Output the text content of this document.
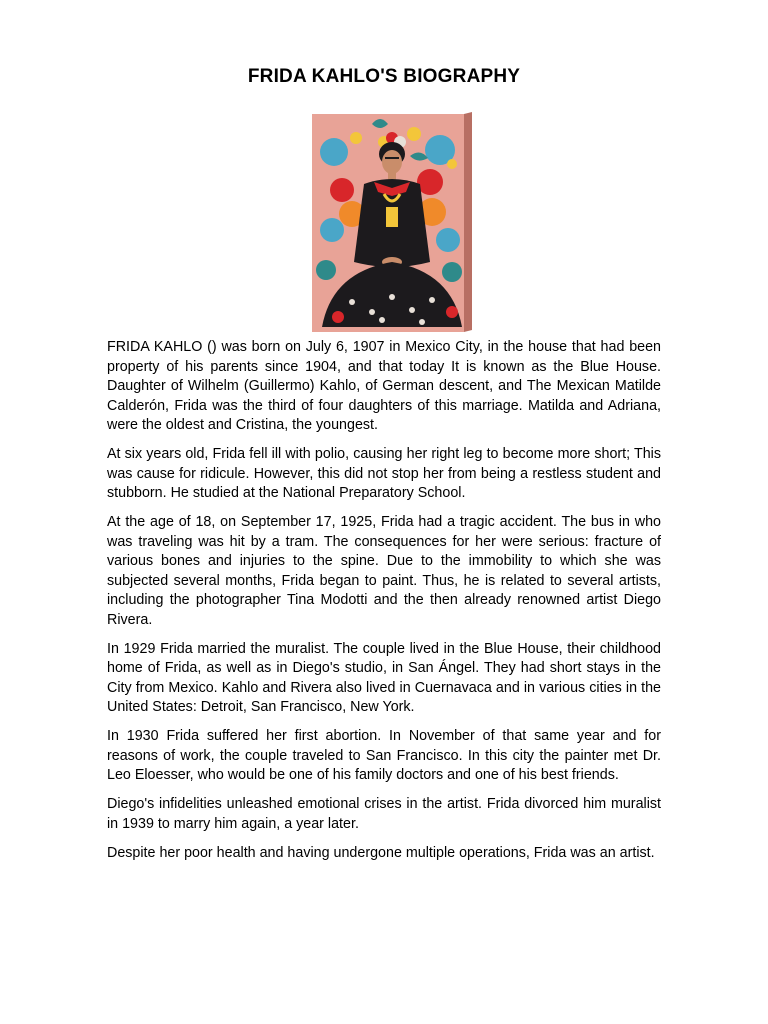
FRIDA KAHLO'S BIOGRAPHY

FRIDA KAHLO () was born on July 6, 1907 in Mexico City, in the house that had been property of his parents since 1904, and that today It is known as the Blue House. Daughter of Wilhelm (Guillermo) Kahlo, of German descent, and The Mexican Matilde Calderón, Frida was the third of four daughters of this marriage. Matilda and Adriana, were the oldest and Cristina, the youngest.

At six years old, Frida fell ill with polio, causing her right leg to become more short; This was cause for ridicule. However, this did not stop her from being a restless student and stubborn. He studied at the National Preparatory School.

At the age of 18, on September 17, 1925, Frida had a tragic accident. The bus in who was traveling was hit by a tram. The consequences for her were serious: fracture of various bones and injuries to the spine. Due to the immobility to which she was subjected several months, Frida began to paint. Thus, he is related to several artists, including the photographer Tina Modotti and the then already renowned artist Diego Rivera.

In 1929 Frida married the muralist. The couple lived in the Blue House, their childhood home of Frida, as well as in Diego's studio, in San Ángel. They had short stays in the City from Mexico. Kahlo and Rivera also lived in Cuernavaca and in various cities in the United States: Detroit, San Francisco, New York.

In 1930 Frida suffered her first abortion. In November of that same year and for reasons of work, the couple traveled to San Francisco. In this city the painter met Dr. Leo Eloesser, who would be one of his family doctors and one of his best friends.

Diego's infidelities unleashed emotional crises in the artist. Frida divorced him muralist in 1939 to marry him again, a year later.

Despite her poor health and having undergone multiple operations, Frida was an artist.
